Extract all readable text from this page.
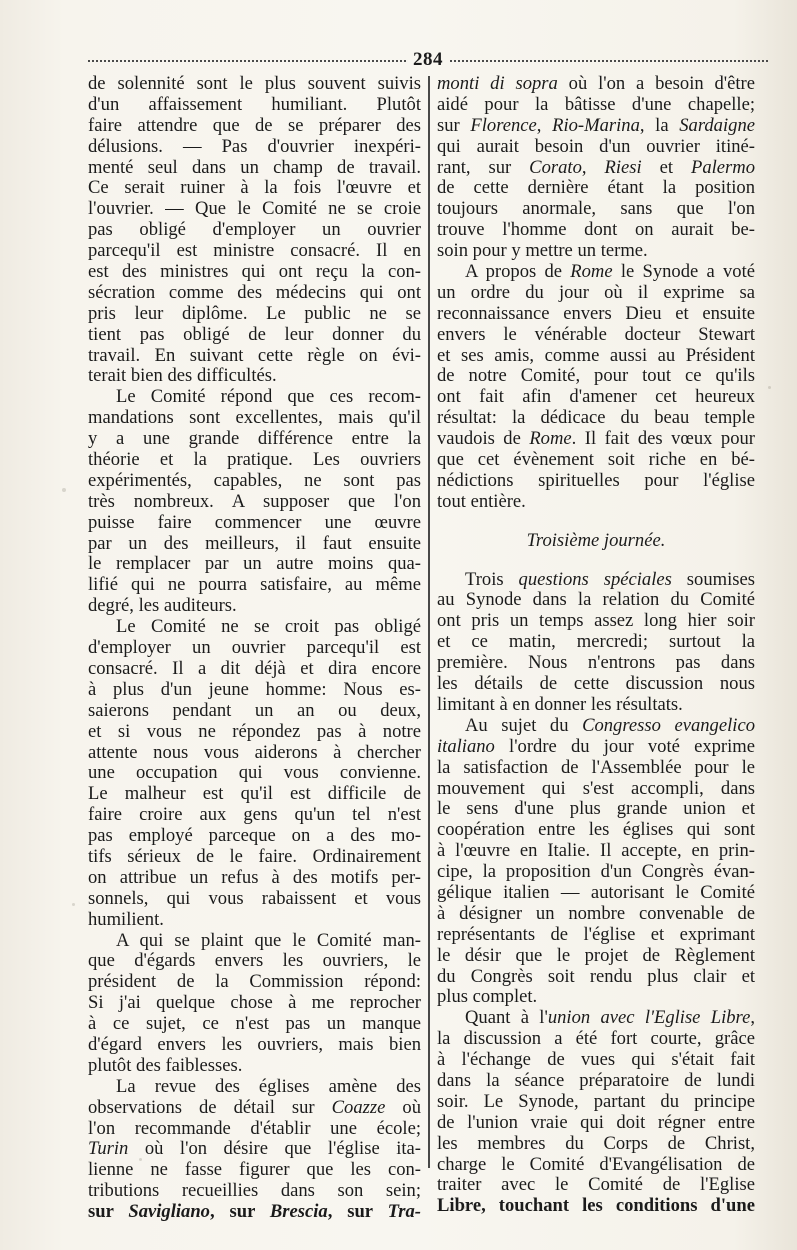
284
de solennité sont le plus souvent suivis
d'un affaissement humiliant. Plutôt
faire attendre que de se préparer des
délusions. — Pas d'ouvrier inexpéri-
menté seul dans un champ de travail.
Ce serait ruiner à la fois l'œuvre et
l'ouvrier. — Que le Comité ne se croie
pas obligé d'employer un ouvrier
parcequ'il est ministre consacré. Il en
est des ministres qui ont reçu la con-
sécration comme des médecins qui ont
pris leur diplôme. Le public ne se
tient pas obligé de leur donner du
travail. En suivant cette règle on évi-
terait bien des difficultés.
Le Comité répond que ces recom-
mandations sont excellentes, mais qu'il
y a une grande différence entre la
théorie et la pratique. Les ouvriers
expérimentés, capables, ne sont pas
très nombreux. A supposer que l'on
puisse faire commencer une œuvre
par un des meilleurs, il faut ensuite
le remplacer par un autre moins qua-
lifié qui ne pourra satisfaire, au même
degré, les auditeurs.
Le Comité ne se croit pas obligé
d'employer un ouvrier parcequ'il est
consacré. Il a dit déjà et dira encore
à plus d'un jeune homme: Nous es-
saierons pendant un an ou deux,
et si vous ne répondez pas à notre
attente nous vous aiderons à chercher
une occupation qui vous convienne.
Le malheur est qu'il est difficile de
faire croire aux gens qu'un tel n'est
pas employé parceque on a des mo-
tifs sérieux de le faire. Ordinairement
on attribue un refus à des motifs per-
sonnels, qui vous rabaissent et vous
humilient.
A qui se plaint que le Comité man-
que d'égards envers les ouvriers, le
président de la Commission répond:
Si j'ai quelque chose à me reprocher
à ce sujet, ce n'est pas un manque
d'égard envers les ouvriers, mais bien
plutôt des faiblesses.
La revue des églises amène des
observations de détail sur Coazze où
l'on recommande d'établir une école;
Turin où l'on désire que l'église ita-
lienne ne fasse figurer que les con-
tributions recueillies dans son sein;
sur Savigliano, sur Brescia, sur Tra-
monti di sopra où l'on a besoin d'être
aidé pour la bâtisse d'une chapelle;
sur Florence, Rio-Marina, la Sardaigne
qui aurait besoin d'un ouvrier itiné-
rant, sur Corato, Riesi et Palermo
de cette dernière étant la position
toujours anormale, sans que l'on
trouve l'homme dont on aurait be-
soin pour y mettre un terme.
A propos de Rome le Synode a voté
un ordre du jour où il exprime sa
reconnaissance envers Dieu et ensuite
envers le vénérable docteur Stewart
et ses amis, comme aussi au Président
de notre Comité, pour tout ce qu'ils
ont fait afin d'amener cet heureux
résultat: la dédicace du beau temple
vaudois de Rome. Il fait des vœux pour
que cet évènement soit riche en bé-
nédictions spirituelles pour l'église
tout entière.
Troisième journée.
Trois questions spéciales soumises
au Synode dans la relation du Comité
ont pris un temps assez long hier soir
et ce matin, mercredi; surtout la
première. Nous n'entrons pas dans
les détails de cette discussion nous
limitant à en donner les résultats.
Au sujet du Congresso evangelico
italiano l'ordre du jour voté exprime
la satisfaction de l'Assemblée pour le
mouvement qui s'est accompli, dans
le sens d'une plus grande union et
coopération entre les églises qui sont
à l'œuvre en Italie. Il accepte, en prin-
cipe, la proposition d'un Congrès évan-
gélique italien — autorisant le Comité
à désigner un nombre convenable de
représentants de l'église et exprimant
le désir que le projet de Règlement
du Congrès soit rendu plus clair et
plus complet.
Quant à l'union avec l'Eglise Libre,
la discussion a été fort courte, grâce
à l'échange de vues qui s'était fait
dans la séance préparatoire de lundi
soir. Le Synode, partant du principe
de l'union vraie qui doit régner entre
les membres du Corps de Christ,
charge le Comité d'Evangélisation de
traiter avec le Comité de l'Eglise
Libre, touchant les conditions d'une
